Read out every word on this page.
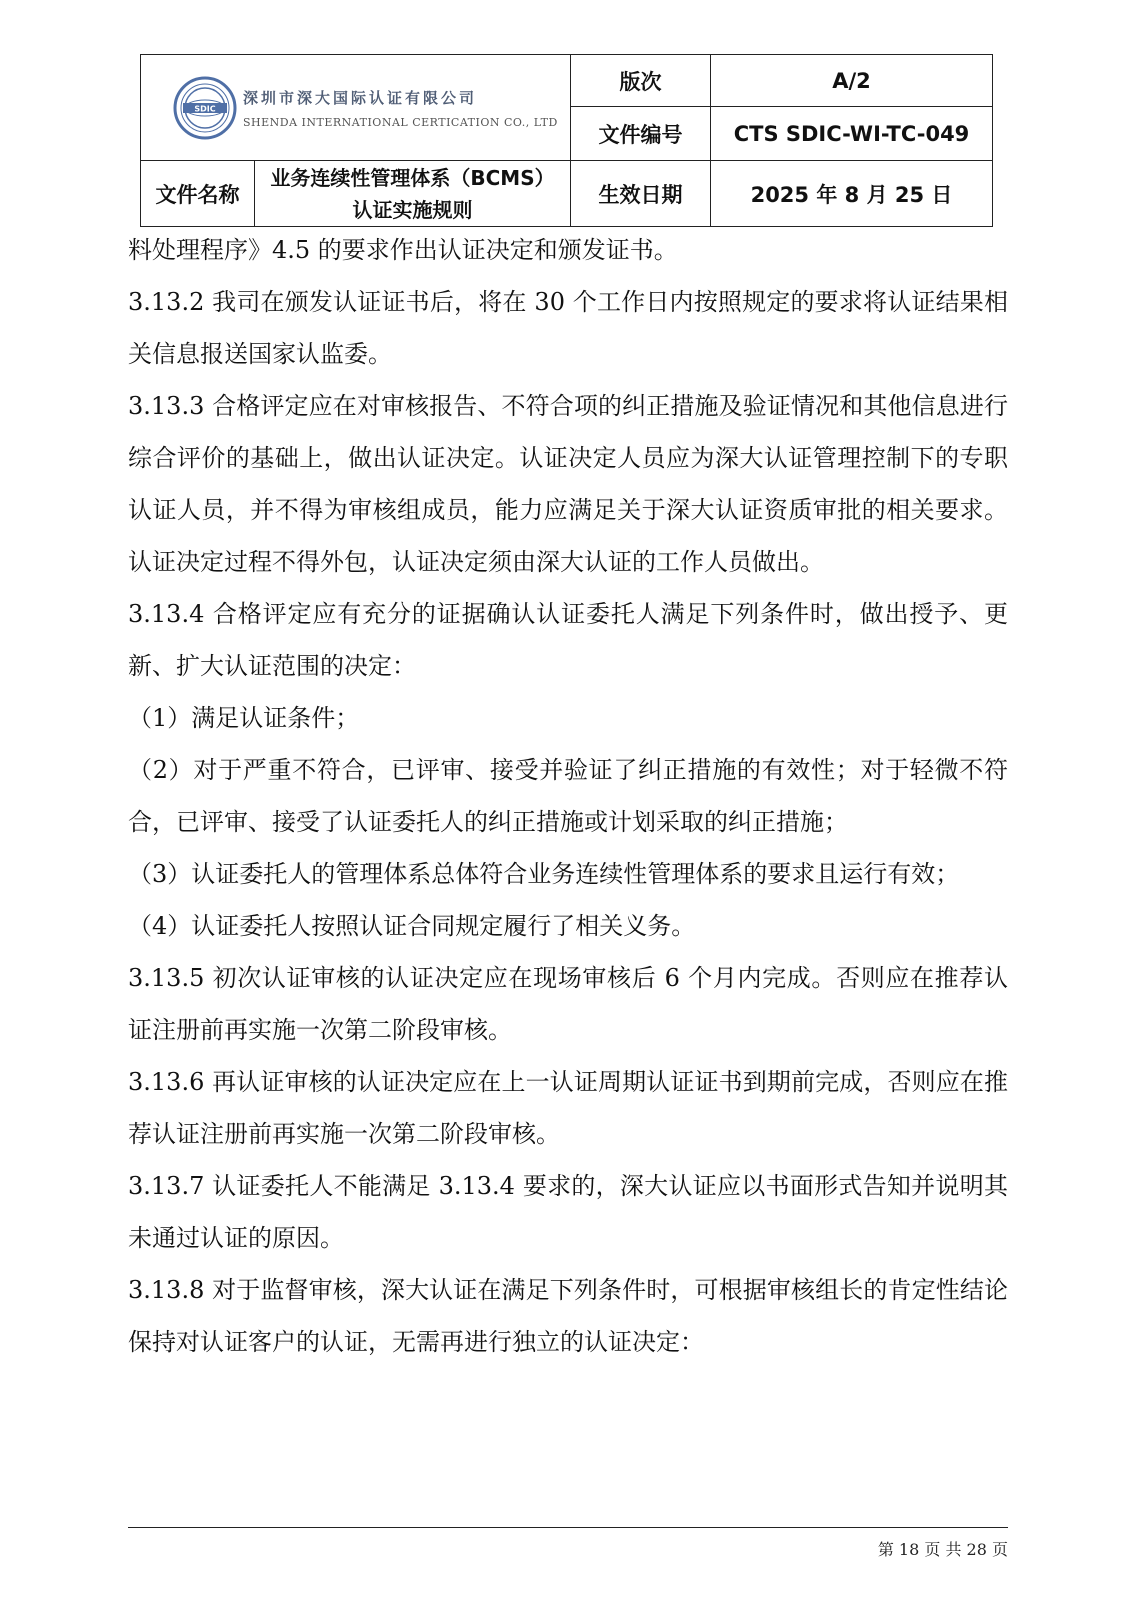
SDIC
深圳市深大国际认证有限公司
SHENDA INTERNATIONAL CERTICATION CO., LTD		版次	A/2
		文件编号	CTS SDIC-WI-TC-049
文件名称	业务连续性管理体系（BCMS）认证实施规则	生效日期	2025 年 8 月 25 日

料处理程序》4.5 的要求作出认证决定和颁发证书。

3.13.2 我司在颁发认证证书后，将在 30 个工作日内按照规定的要求将认证结果相关信息报送国家认监委。

3.13.3 合格评定应在对审核报告、不符合项的纠正措施及验证情况和其他信息进行综合评价的基础上，做出认证决定。认证决定人员应为深大认证管理控制下的专职认证人员，并不得为审核组成员，能力应满足关于深大认证资质审批的相关要求。认证决定过程不得外包，认证决定须由深大认证的工作人员做出。

3.13.4 合格评定应有充分的证据确认认证委托人满足下列条件时，做出授予、更新、扩大认证范围的决定：

（1）满足认证条件；

（2）对于严重不符合，已评审、接受并验证了纠正措施的有效性；对于轻微不符合，已评审、接受了认证委托人的纠正措施或计划采取的纠正措施；

（3）认证委托人的管理体系总体符合业务连续性管理体系的要求且运行有效；

（4）认证委托人按照认证合同规定履行了相关义务。

3.13.5 初次认证审核的认证决定应在现场审核后 6 个月内完成。否则应在推荐认证注册前再实施一次第二阶段审核。

3.13.6 再认证审核的认证决定应在上一认证周期认证证书到期前完成，否则应在推荐认证注册前再实施一次第二阶段审核。

3.13.7 认证委托人不能满足 3.13.4 要求的，深大认证应以书面形式告知并说明其未通过认证的原因。

3.13.8 对于监督审核，深大认证在满足下列条件时，可根据审核组长的肯定性结论保持对认证客户的认证，无需再进行独立的认证决定：

第 18 页 共 28 页
